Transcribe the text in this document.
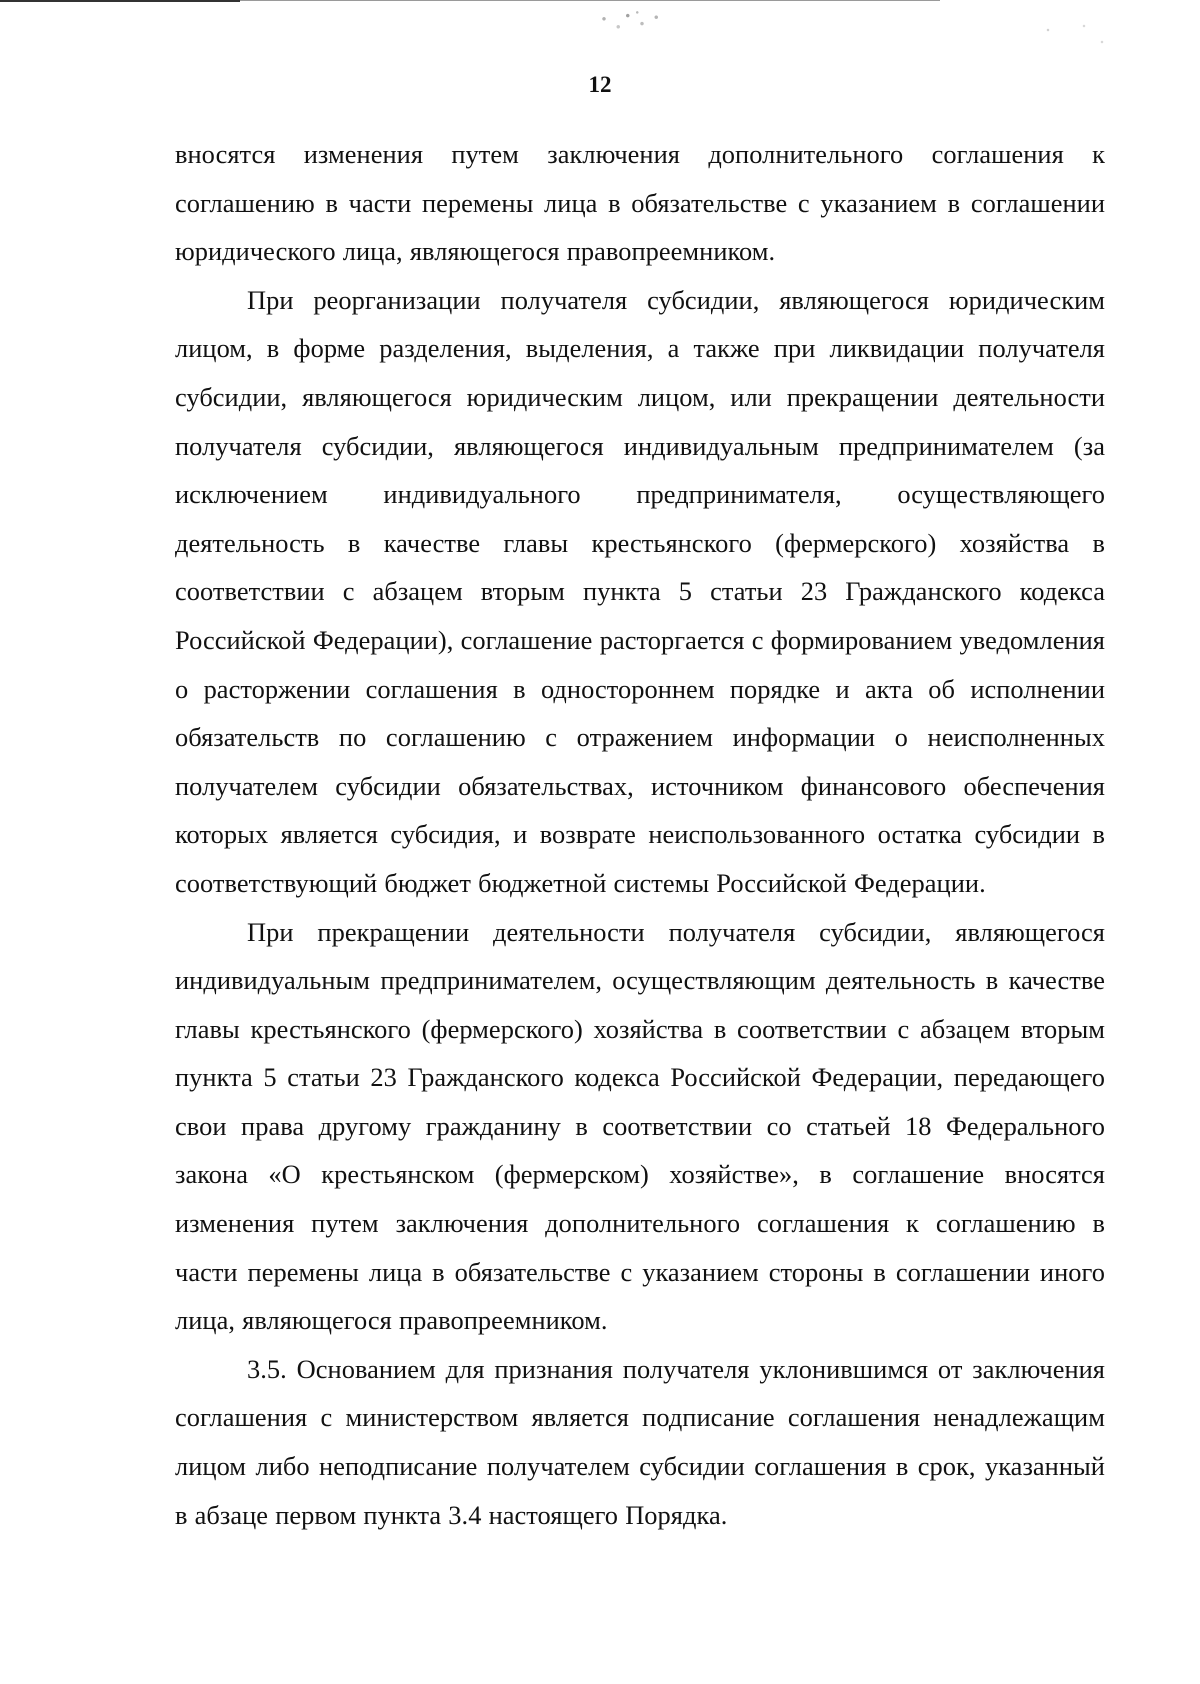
12

вносятся изменения путем заключения дополнительного соглашения к соглашению в части перемены лица в обязательстве с указанием в соглашении юридического лица, являющегося правопреемником.

При реорганизации получателя субсидии, являющегося юридическим лицом, в форме разделения, выделения, а также при ликвидации получателя субсидии, являющегося юридическим лицом, или прекращении деятельности получателя субсидии, являющегося индивидуальным предпринимателем (за исключением индивидуального предпринимателя, осуществляющего деятельность в качестве главы крестьянского (фермерского) хозяйства в соответствии с абзацем вторым пункта 5 статьи 23 Гражданского кодекса Российской Федерации), соглашение расторгается с формированием уведомления о расторжении соглашения в одностороннем порядке и акта об исполнении обязательств по соглашению с отражением информации о неисполненных получателем субсидии обязательствах, источником финансового обеспечения которых является субсидия, и возврате неиспользованного остатка субсидии в соответствующий бюджет бюджетной системы Российской Федерации.

При прекращении деятельности получателя субсидии, являющегося индивидуальным предпринимателем, осуществляющим деятельность в качестве главы крестьянского (фермерского) хозяйства в соответствии с абзацем вторым пункта 5 статьи 23 Гражданского кодекса Российской Федерации, передающего свои права другому гражданину в соответствии со статьей 18 Федерального закона «О крестьянском (фермерском) хозяйстве», в соглашение вносятся изменения путем заключения дополнительного соглашения к соглашению в части перемены лица в обязательстве с указанием стороны в соглашении иного лица, являющегося правопреемником.

3.5. Основанием для признания получателя уклонившимся от заключения соглашения с министерством является подписание соглашения ненадлежащим лицом либо неподписание получателем субсидии соглашения в срок, указанный в абзаце первом пункта 3.4 настоящего Порядка.
